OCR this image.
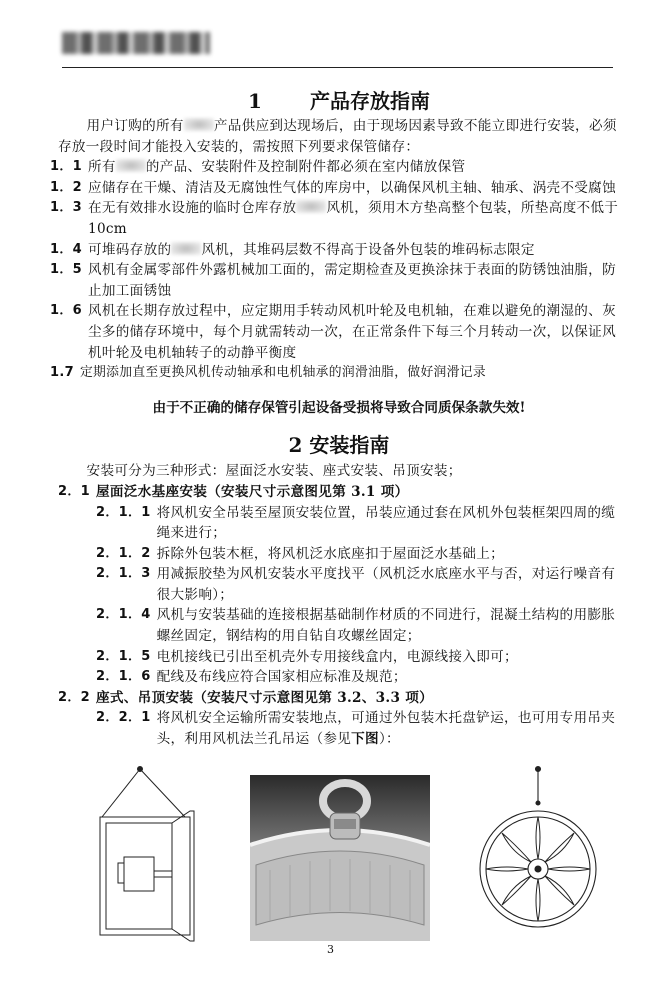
1 产品存放指南

用户订购的所有 产品供应到达现场后，由于现场因素导致不能立即进行安装，必须存放一段时间才能投入安装的，需按照下列要求保管储存：

1．1 所有 的产品、安装附件及控制附件都必须在室内储放保管
1．2 应储存在干燥、清洁及无腐蚀性气体的库房中，以确保风机主轴、轴承、涡壳不受腐蚀
1．3 在无有效排水设施的临时仓库存放 风机，须用木方垫高整个包装，所垫高度不低于 10cm
1．4 可堆码存放的 风机，其堆码层数不得高于设备外包装的堆码标志限定
1．5 风机有金属零部件外露机械加工面的，需定期检查及更换涂抹于表面的防锈蚀油脂，防止加工面锈蚀
1．6 风机在长期存放过程中，应定期用手转动风机叶轮及电机轴，在难以避免的潮湿的、灰尘多的储存环境中，每个月就需转动一次，在正常条件下每三个月转动一次，以保证风机叶轮及电机轴转子的动静平衡度
1.7 定期添加直至更换风机传动轴承和电机轴承的润滑油脂，做好润滑记录
由于不正确的储存保管引起设备受损将导致合同质保条款失效!
2 安装指南

安装可分为三种形式：屋面泛水安装、座式安装、吊顶安装；

2．1 屋面泛水基座安装（安装尺寸示意图见第 3.1 项）
2．1．1 将风机安全吊装至屋顶安装位置，吊装应通过套在风机外包装框架四周的缆绳来进行；
2．1．2 拆除外包装木框，将风机泛水底座扣于屋面泛水基础上；
2．1．3 用减振胶垫为风机安装水平度找平（风机泛水底座水平与否，对运行噪音有很大影响）；
2．1．4 风机与安装基础的连接根据基础制作材质的不同进行，混凝土结构的用膨胀螺丝固定，钢结构的用自钻自攻螺丝固定；
2．1．5 电机接线已引出至机壳外专用接线盒内，电源线接入即可；
2．1．6 配线及布线应符合国家相应标准及规范；
2．2 座式、吊顶安装（安装尺寸示意图见第 3.2、3.3 项）
2．2．1 将风机安全运输所需安装地点，可通过外包装木托盘铲运，也可用专用吊夹头，利用风机法兰孔吊运（参见下图）：
3
